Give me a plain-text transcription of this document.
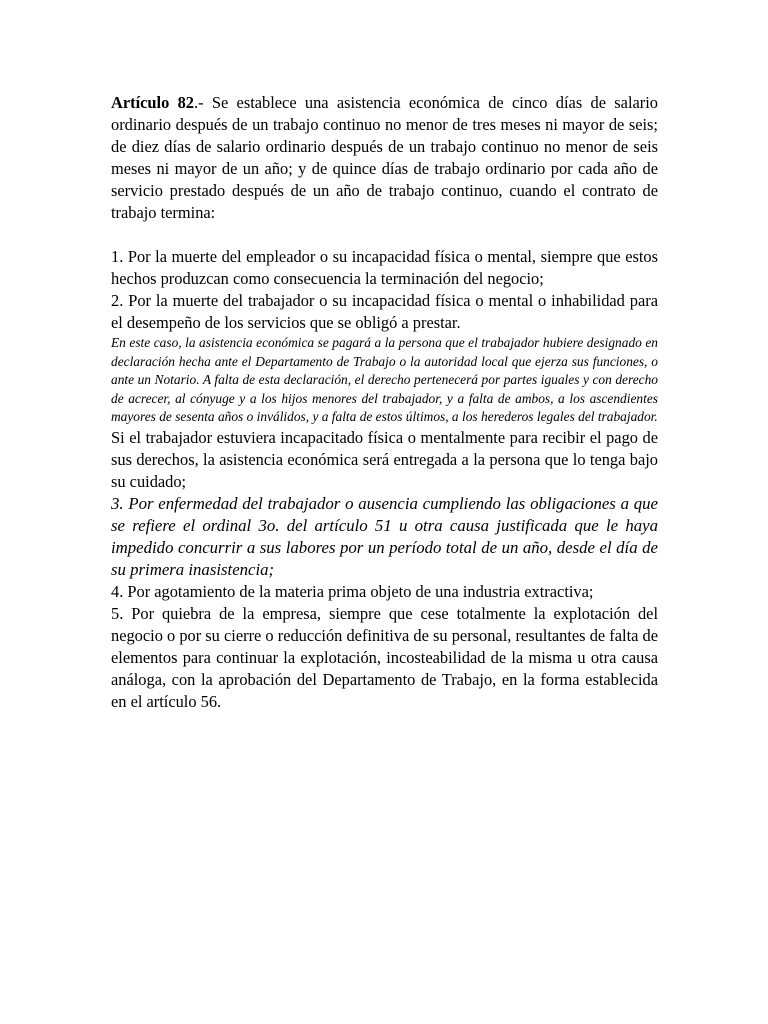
Artículo 82.- Se establece una asistencia económica de cinco días de salario ordinario después de un trabajo continuo no menor de tres meses ni mayor de seis; de diez días de salario ordinario después de un trabajo continuo no menor de seis meses ni mayor de un año; y de quince días de trabajo ordinario por cada año de servicio prestado después de un año de trabajo continuo, cuando el contrato de trabajo termina:

1. Por la muerte del empleador o su incapacidad física o mental, siempre que estos hechos produzcan como consecuencia la terminación del negocio;

2. Por la muerte del trabajador o su incapacidad física o mental o inhabilidad para el desempeño de los servicios que se obligó a prestar.

En este caso, la asistencia económica se pagará a la persona que el trabajador hubiere designado en declaración hecha ante el Departamento de Trabajo o la autoridad local que ejerza sus funciones, o ante un Notario. A falta de esta declaración, el derecho pertenecerá por partes iguales y con derecho de acrecer, al cónyuge y a los hijos menores del trabajador, y a falta de ambos, a los ascendientes mayores de sesenta años o inválidos, y a falta de estos últimos, a los herederos legales del trabajador.

Si el trabajador estuviera incapacitado física o mentalmente para recibir el pago de sus derechos, la asistencia económica será entregada a la persona que lo tenga bajo su cuidado;

3. Por enfermedad del trabajador o ausencia cumpliendo las obligaciones a que se refiere el ordinal 3o. del artículo 51 u otra causa justificada que le haya impedido concurrir a sus labores por un período total de un año, desde el día de su primera inasistencia;

4. Por agotamiento de la materia prima objeto de una industria extractiva;

5. Por quiebra de la empresa, siempre que cese totalmente la explotación del negocio o por su cierre o reducción definitiva de su personal, resultantes de falta de elementos para continuar la explotación, incosteabilidad de la misma u otra causa análoga, con la aprobación del Departamento de Trabajo, en la forma establecida en el artículo 56.
